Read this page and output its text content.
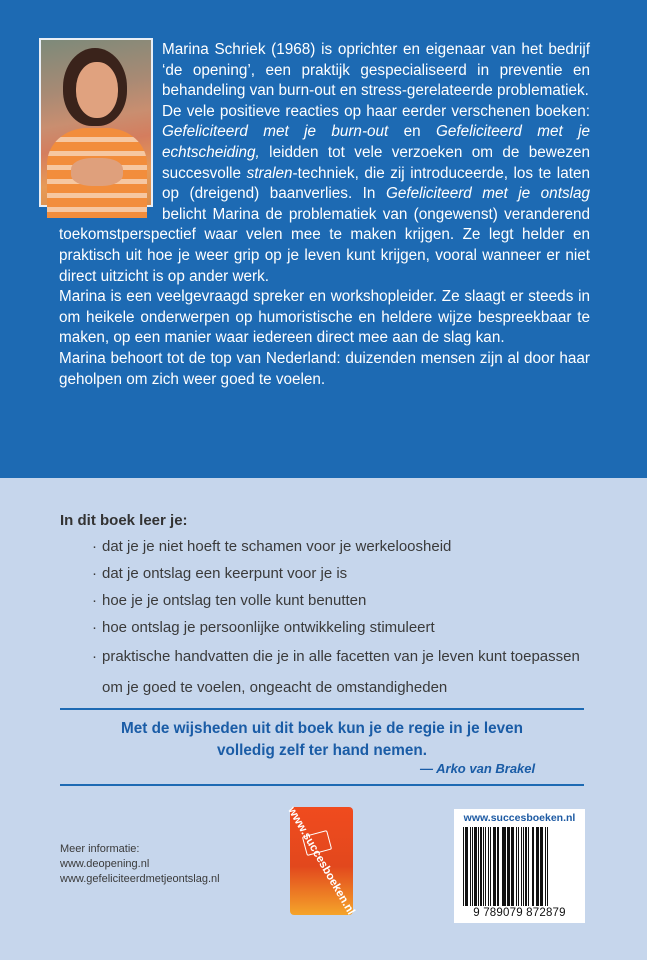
Marina Schriek (1968) is oprichter en eigenaar van het bedrijf ‘de opening’, een praktijk gespecialiseerd in preventie en behandeling van burn-out en stress-gerelateerde problematiek.

De vele positieve reacties op haar eerder verschenen boeken: Gefeliciteerd met je burn-out en Gefeliciteerd met je echtscheiding, leidden tot vele verzoeken om de bewezen succesvolle stralen-techniek, die zij introduceerde, los te laten op (dreigend) baanverlies. In Gefeliciteerd met je ontslag belicht Marina de problematiek van (ongewenst) veranderend toekomstperspectief waar velen mee te maken krijgen. Ze legt helder en praktisch uit hoe je weer grip op je leven kunt krijgen, vooral wanneer er niet direct uitzicht is op ander werk.

Marina is een veelgevraagd spreker en workshopleider. Ze slaagt er steeds in om heikele onderwerpen op humoristische en heldere wijze bespreekbaar te maken, op een manier waar iedereen direct mee aan de slag kan.

Marina behoort tot de top van Nederland: duizenden mensen zijn al door haar geholpen om zich weer goed te voelen.

In dit boek leer je:
· dat je je niet hoeft te schamen voor je werkeloosheid
· dat je ontslag een keerpunt voor je is
· hoe je je ontslag ten volle kunt benutten
· hoe ontslag je persoonlijke ontwikkeling stimuleert
· praktische handvatten die je in alle facetten van je leven kunt toepassen om je goed te voelen, ongeacht de omstandigheden
Met de wijsheden uit dit boek kun je de regie in je leven
volledig zelf ter hand nemen.
— Arko van Brakel
Meer informatie:
www.deopening.nl
www.gefeliciteerdmetjeontslag.nl	www.succesboeken.nl	www.succesboeken.nl
9 789079 872879
